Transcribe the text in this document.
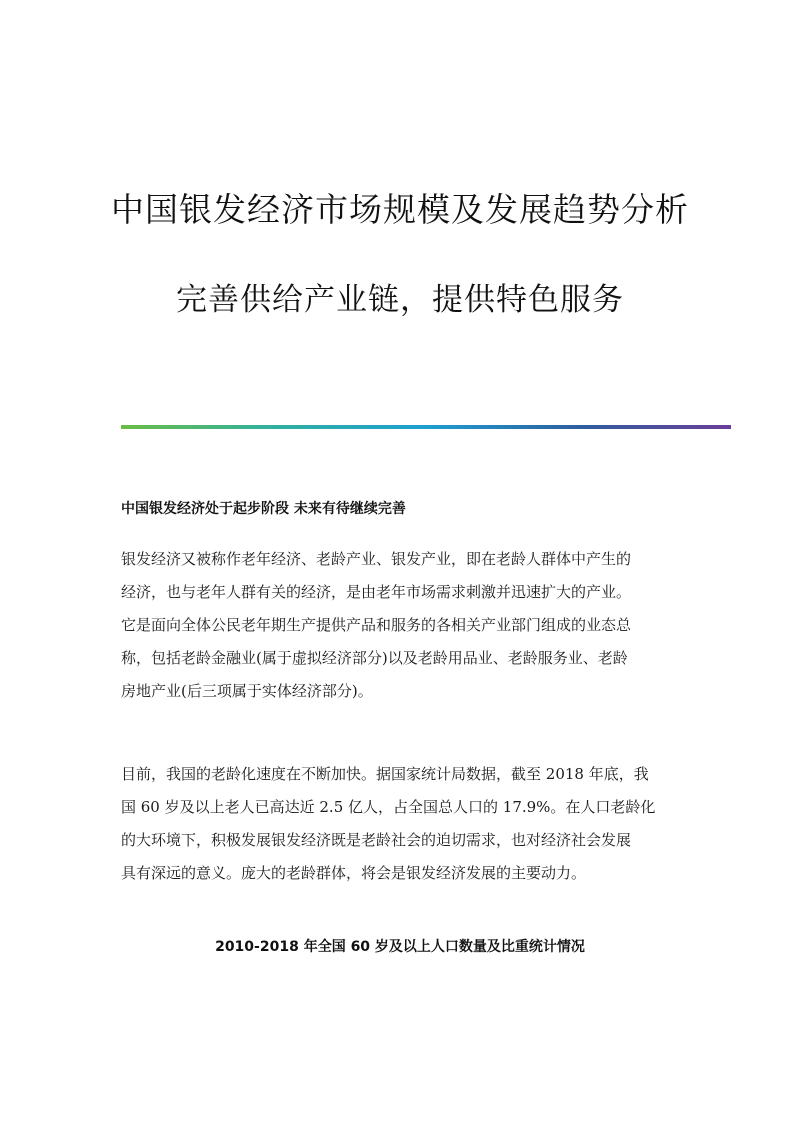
中国银发经济市场规模及发展趋势分析
完善供给产业链，提供特色服务
中国银发经济处于起步阶段 未来有待继续完善

银发经济又被称作老年经济、老龄产业、银发产业，即在老龄人群体中产生的
经济，也与老年人群有关的经济，是由老年市场需求刺激并迅速扩大的产业。
它是面向全体公民老年期生产提供产品和服务的各相关产业部门组成的业态总
称，包括老龄金融业(属于虚拟经济部分)以及老龄用品业、老龄服务业、老龄
房地产业(后三项属于实体经济部分)。

目前，我国的老龄化速度在不断加快。据国家统计局数据，截至 2018 年底，我
国 60 岁及以上老人已高达近 2.5 亿人，占全国总人口的 17.9%。在人口老龄化
的大环境下，积极发展银发经济既是老龄社会的迫切需求，也对经济社会发展
具有深远的意义。庞大的老龄群体，将会是银发经济发展的主要动力。

2010-2018 年全国 60 岁及以上人口数量及比重统计情况
